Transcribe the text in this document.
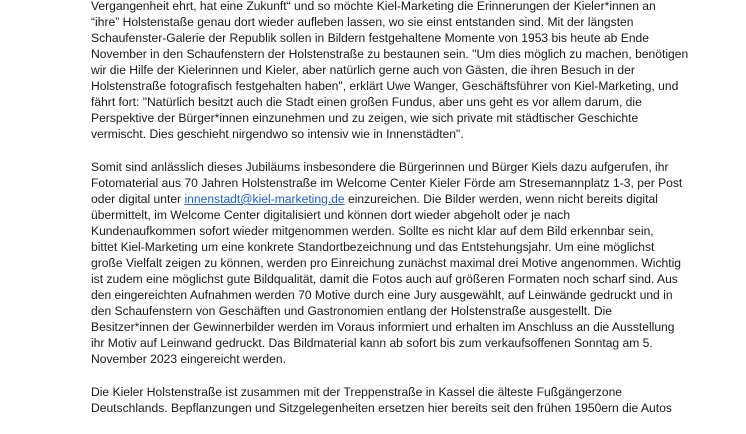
Vergangenheit ehrt, hat eine Zukunft“ und so möchte Kiel-Marketing die Erinnerungen der Kieler*innen an
“ihre” Holstenstaße genau dort wieder aufleben lassen, wo sie einst entstanden sind. Mit der längsten
Schaufenster-Galerie der Republik sollen in Bildern festgehaltene Momente von 1953 bis heute ab Ende
November in den Schaufenstern der Holstenstraße zu bestaunen sein. "Um dies möglich zu machen, benötigen
wir die Hilfe der Kielerinnen und Kieler, aber natürlich gerne auch von Gästen, die ihren Besuch in der
Holstenstraße fotografisch festgehalten haben", erklärt Uwe Wanger, Geschäftsführer von Kiel-Marketing, und
fährt fort: "Natürlich besitzt auch die Stadt einen großen Fundus, aber uns geht es vor allem darum, die
Perspektive der Bürger*innen einzunehmen und zu zeigen, wie sich private mit städtischer Geschichte
vermischt. Dies geschieht nirgendwo so intensiv wie in Innenstädten".
Somit sind anlässlich dieses Jubiläums insbesondere die Bürgerinnen und Bürger Kiels dazu aufgerufen, ihr
Fotomaterial aus 70 Jahren Holstenstraße im Welcome Center Kieler Förde am Stresemannplatz 1-3, per Post
oder digital unter innenstadt@kiel-marketing.de einzureichen. Die Bilder werden, wenn nicht bereits digital
übermittelt, im Welcome Center digitalisiert und können dort wieder abgeholt oder je nach
Kundenaufkommen sofort wieder mitgenommen werden. Sollte es nicht klar auf dem Bild erkennbar sein,
bittet Kiel-Marketing um eine konkrete Standortbezeichnung und das Entstehungsjahr. Um eine möglichst
große Vielfalt zeigen zu können, werden pro Einreichung zunächst maximal drei Motive angenommen. Wichtig
ist zudem eine möglichst gute Bildqualität, damit die Fotos auch auf größeren Formaten noch scharf sind. Aus
den eingereichten Aufnahmen werden 70 Motive durch eine Jury ausgewählt, auf Leinwände gedruckt und in
den Schaufenstern von Geschäften und Gastronomien entlang der Holstenstraße ausgestellt. Die
Besitzer*innen der Gewinnerbilder werden im Voraus informiert und erhalten im Anschluss an die Ausstellung
ihr Motiv auf Leinwand gedruckt. Das Bildmaterial kann ab sofort bis zum verkaufsoffenen Sonntag am 5.
November 2023 eingereicht werden.
Die Kieler Holstenstraße ist zusammen mit der Treppenstraße in Kassel die älteste Fußgängerzone
Deutschlands. Bepflanzungen und Sitzgelegenheiten ersetzen hier bereits seit den frühen 1950ern die Autos
